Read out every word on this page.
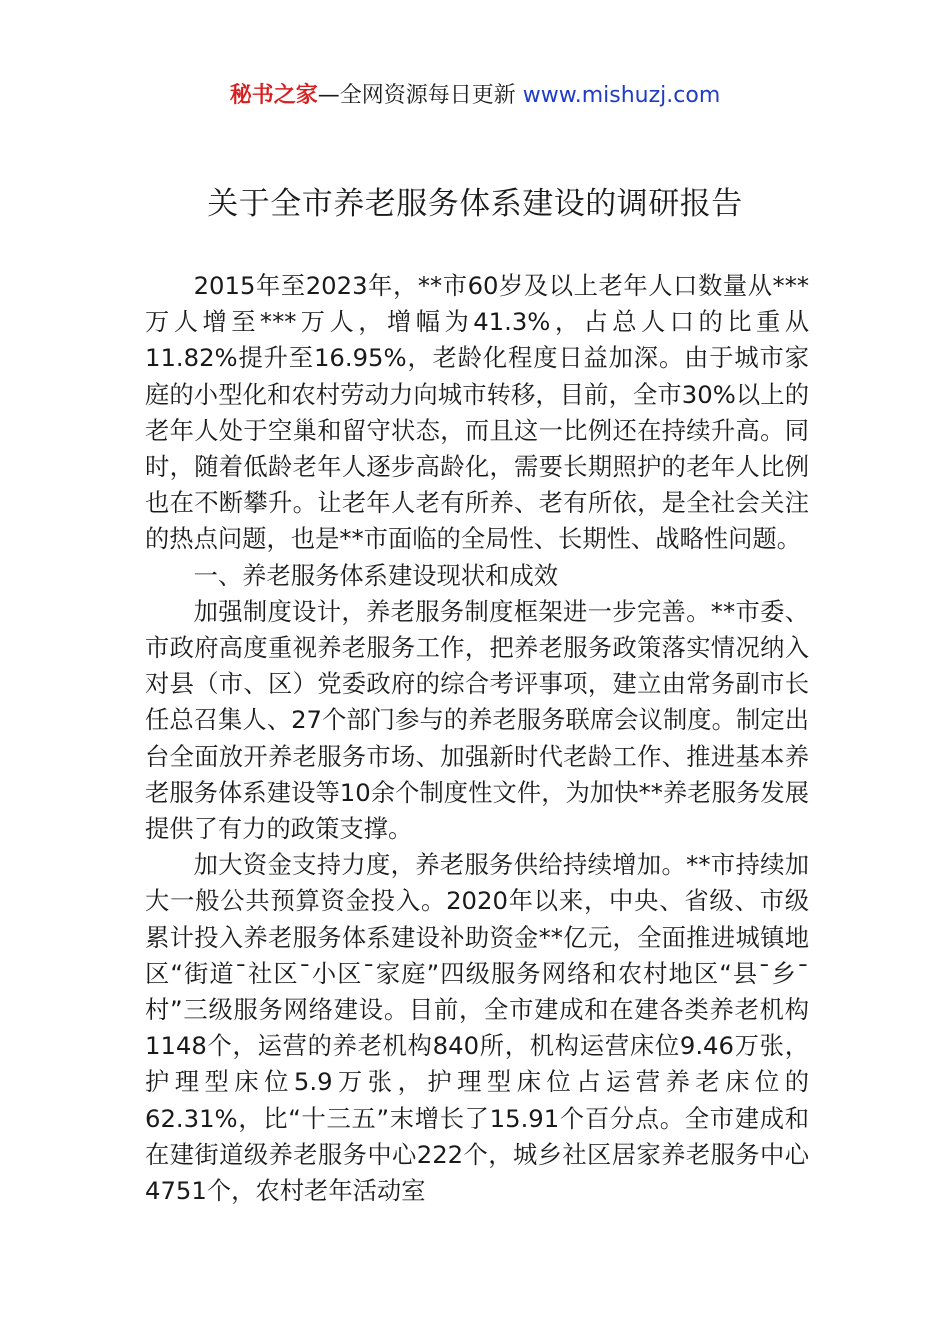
秘书之家—全网资源每日更新 www.mishuzj.com
关于全市养老服务体系建设的调研报告

2015年至2023年，**市60岁及以上老年人口数量从***万人增至***万人，增幅为41.3%，占总人口的比重从11.82%提升至16.95%，老龄化程度日益加深。由于城市家庭的小型化和农村劳动力向城市转移，目前，全市30%以上的老年人处于空巢和留守状态，而且这一比例还在持续升高。同时，随着低龄老年人逐步高龄化，需要长期照护的老年人比例也在不断攀升。让老年人老有所养、老有所依，是全社会关注的热点问题，也是**市面临的全局性、长期性、战略性问题。

一、养老服务体系建设现状和成效

加强制度设计，养老服务制度框架进一步完善。**市委、市政府高度重视养老服务工作，把养老服务政策落实情况纳入对县（市、区）党委政府的综合考评事项，建立由常务副市长任总召集人、27个部门参与的养老服务联席会议制度。制定出台全面放开养老服务市场、加强新时代老龄工作、推进基本养老服务体系建设等10余个制度性文件，为加快**养老服务发展提供了有力的政策支撑。

加大资金支持力度，养老服务供给持续增加。**市持续加大一般公共预算资金投入。2020年以来，中央、省级、市级累计投入养老服务体系建设补助资金**亿元，全面推进城镇地区“街道¯社区¯小区¯家庭”四级服务网络和农村地区“县¯乡¯村”三级服务网络建设。目前，全市建成和在建各类养老机构1148个，运营的养老机构840所，机构运营床位9.46万张，护理型床位5.9万张，护理型床位占运营养老床位的62.31%，比“十三五”末增长了15.91个百分点。全市建成和在建街道级养老服务中心222个，城乡社区居家养老服务中心4751个，农村老年活动室
